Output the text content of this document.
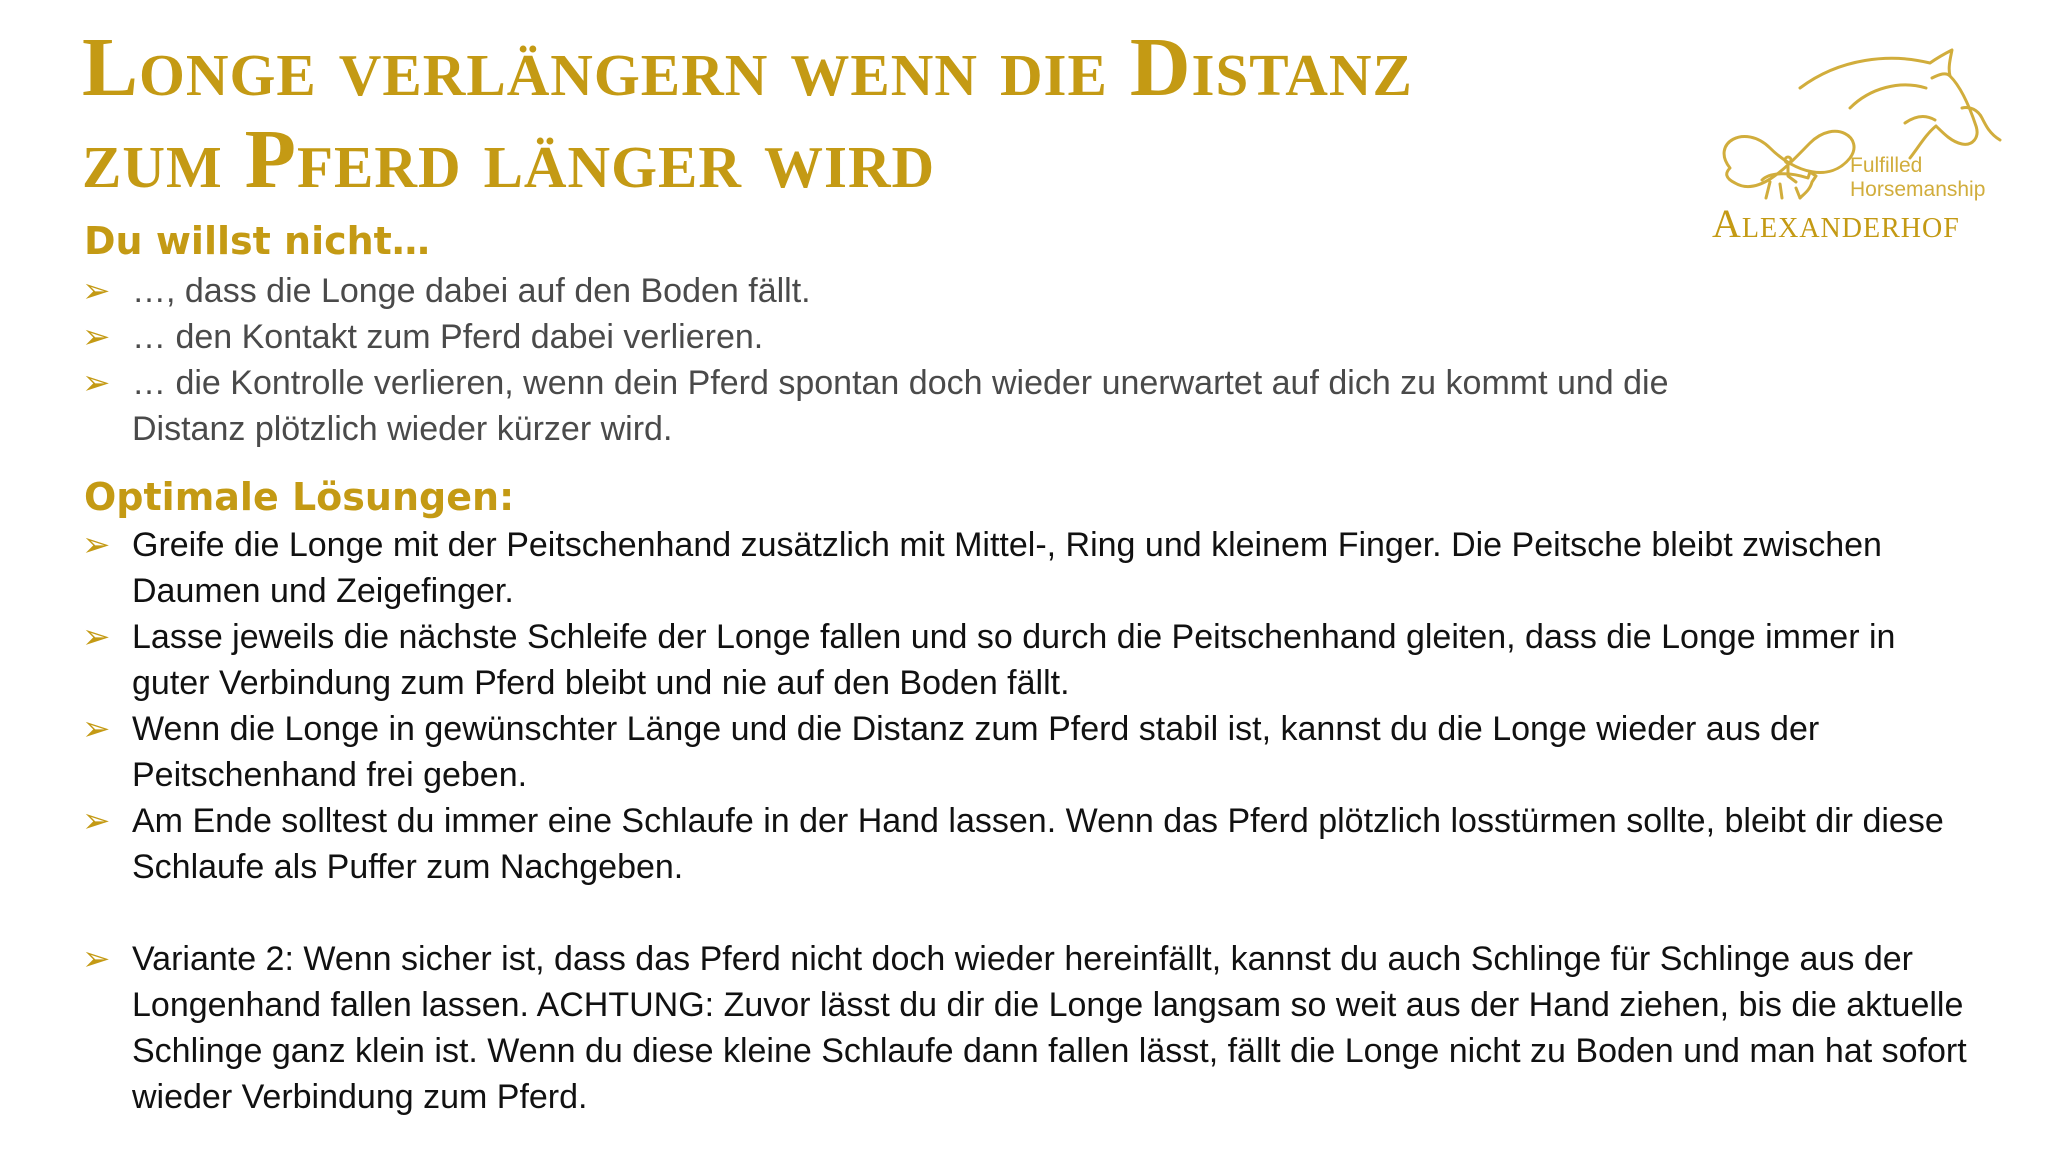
Longe verlängern wenn die Distanz
zum Pferd länger wird	Fulfilled
Horsemanship
Alexanderhof
Du willst nicht…
➢ …, dass die Longe dabei auf den Boden fällt.
➢ … den Kontakt zum Pferd dabei verlieren.
➢ … die Kontrolle verlieren, wenn dein Pferd spontan doch wieder unerwartet auf dich zu kommt und die Distanz plötzlich wieder kürzer wird.
Optimale Lösungen:
➢ Greife die Longe mit der Peitschenhand zusätzlich mit Mittel-, Ring und kleinem Finger. Die Peitsche bleibt zwischen Daumen und Zeigefinger.
➢ Lasse jeweils die nächste Schleife der Longe fallen und so durch die Peitschenhand gleiten, dass die Longe immer in guter Verbindung zum Pferd bleibt und nie auf den Boden fällt.
➢ Wenn die Longe in gewünschter Länge und die Distanz zum Pferd stabil ist, kannst du die Longe wieder aus der Peitschenhand frei geben.
➢ Am Ende solltest du immer eine Schlaufe in der Hand lassen. Wenn das Pferd plötzlich losstürmen sollte, bleibt dir diese Schlaufe als Puffer zum Nachgeben.
➢ Variante 2: Wenn sicher ist, dass das Pferd nicht doch wieder hereinfällt, kannst du auch Schlinge für Schlinge aus der Longenhand fallen lassen. ACHTUNG: Zuvor lässt du dir die Longe langsam so weit aus der Hand ziehen, bis die aktuelle Schlinge ganz klein ist. Wenn du diese kleine Schlaufe dann fallen lässt, fällt die Longe nicht zu Boden und man hat sofort wieder Verbindung zum Pferd.
